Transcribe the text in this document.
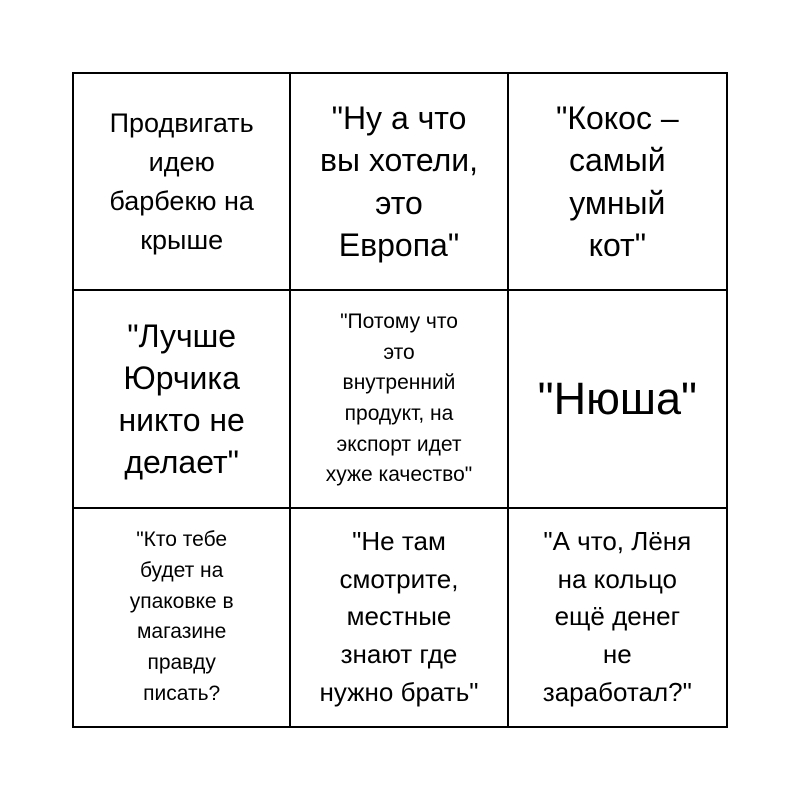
Продвигать
идею
барбекю на
крыше
"Ну а что
вы хотели,
это
Европа"
"Кокос –
самый
умный
кот"
"Лучше
Юрчика
никто не
делает"
"Потому что
это
внутренний
продукт, на
экспорт идет
хуже качество"
"Нюша"
"Кто тебе
будет на
упаковке в
магазине
правду
писать?
"Не там
смотрите,
местные
знают где
нужно брать"
"А что, Лёня
на кольцо
ещё денег
не
заработал?"
